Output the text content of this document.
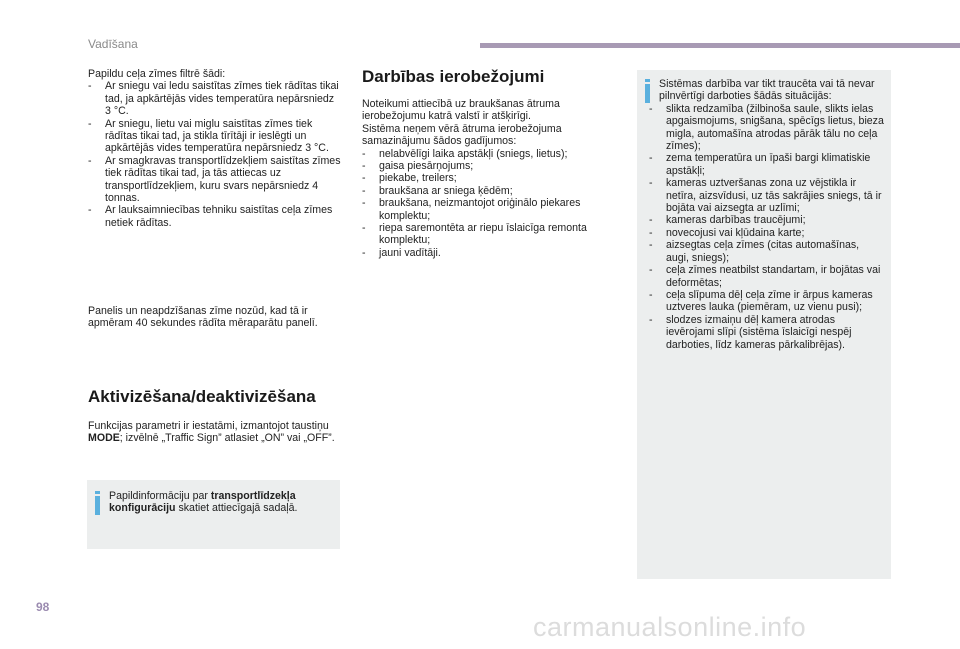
Vadīšana

Papildu ceļa zīmes filtrē šādi:

- Ar sniegu vai ledu saistītas zīmes tiek rādītas tikai tad, ja apkārtējās vides temperatūra nepārsniedz 3 °C.
- Ar sniegu, lietu vai miglu saistītas zīmes tiek rādītas tikai tad, ja stikla tīrītāji ir ieslēgti un apkārtējās vides temperatūra nepārsniedz 3 °C.
- Ar smagkravas transportlīdzekļiem saistītas zīmes tiek rādītas tikai tad, ja tās attiecas uz transportlīdzekļiem, kuru svars nepārsniedz 4 tonnas.
- Ar lauksaimniecības tehniku saistītas ceļa zīmes netiek rādītas.

Panelis un neapdzīšanas zīme nozūd, kad tā ir apmēram 40 sekundes rādīta mēraparātu panelī.

Aktivizēšana/deaktivizēšana

Funkcijas parametri ir iestatāmi, izmantojot taustiņu MODE; izvēlnē „Traffic Sign” atlasiet „ON” vai „OFF”.

Papildinformāciju par transportlīdzekļa konfigurāciju skatiet attiecīgajā sadaļā.

Darbības ierobežojumi

Noteikumi attiecībā uz braukšanas ātruma ierobežojumu katrā valstī ir atšķirīgi.

Sistēma neņem vērā ātruma ierobežojuma samazinājumu šādos gadījumos:

- nelabvēlīgi laika apstākļi (sniegs, lietus);
- gaisa piesārņojums;
- piekabe, treilers;
- braukšana ar sniega ķēdēm;
- braukšana, neizmantojot oriģinālo piekares komplektu;
- riepa saremontēta ar riepu īslaicīga remonta komplektu;
- jauni vadītāji.

Sistēmas darbība var tikt traucēta vai tā nevar pilnvērtīgi darboties šādās situācijās:

- slikta redzamība (žilbinoša saule, slikts ielas apgaismojums, snigšana, spēcīgs lietus, bieza migla, automašīna atrodas pārāk tālu no ceļa zīmes);
- zema temperatūra un īpaši bargi klimatiskie apstākļi;
- kameras uztveršanas zona uz vējstikla ir netīra, aizsvīdusi, uz tās sakrājies sniegs, tā ir bojāta vai aizsegta ar uzlīmi;
- kameras darbības traucējumi;
- novecojusi vai kļūdaina karte;
- aizsegtas ceļa zīmes (citas automašīnas, augi, sniegs);
- ceļa zīmes neatbilst standartam, ir bojātas vai deformētas;
- ceļa slīpuma dēļ ceļa zīme ir ārpus kameras uztveres lauka (piemēram, uz vienu pusi);
- slodzes izmaiņu dēļ kamera atrodas ievērojami slīpi (sistēma īslaicīgi nespēj darboties, līdz kameras pārkalibrējas).
98
carmanualsonline.info
